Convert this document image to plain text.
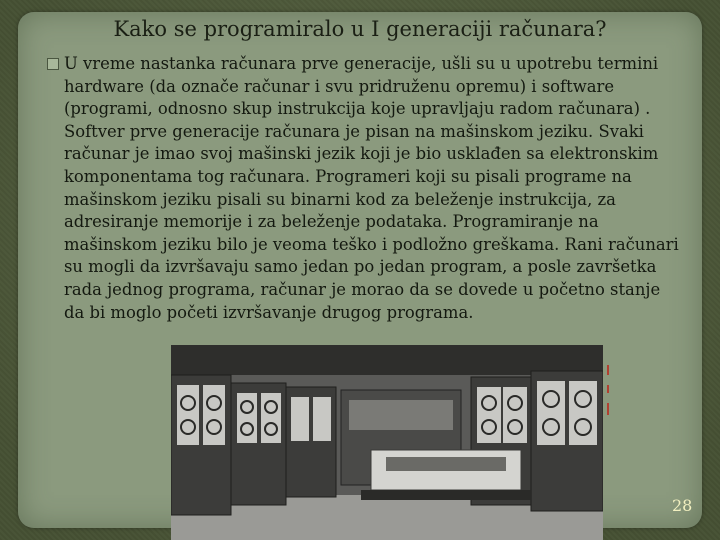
Kako se programiralo u I generaciji računara?
U vreme nastanka računara prve generacije, ušli su u upotrebu termini hardware (da označe računar i svu pridruženu opremu) i software (programi, odnosno skup instrukcija koje upravljaju radom računara) . Softver prve generacije računara je pisan na mašinskom jeziku. Svaki računar je imao svoj mašinski jezik koji je bio usklađen sa elektronskim komponentama tog računara. Programeri koji su pisali programe na mašinskom jeziku pisali su binarni kod za beleženje instrukcija, za adresiranje memorije i za beleženje podataka. Programiranje na mašinskom jeziku bilo je veoma teško i podložno greškama. Rani računari su mogli da izvršavaju samo jedan po jedan program, a posle završetka rada jednog programa, računar je morao da se dovede u početno stanje da bi moglo početi izvršavanje drugog programa.
28
